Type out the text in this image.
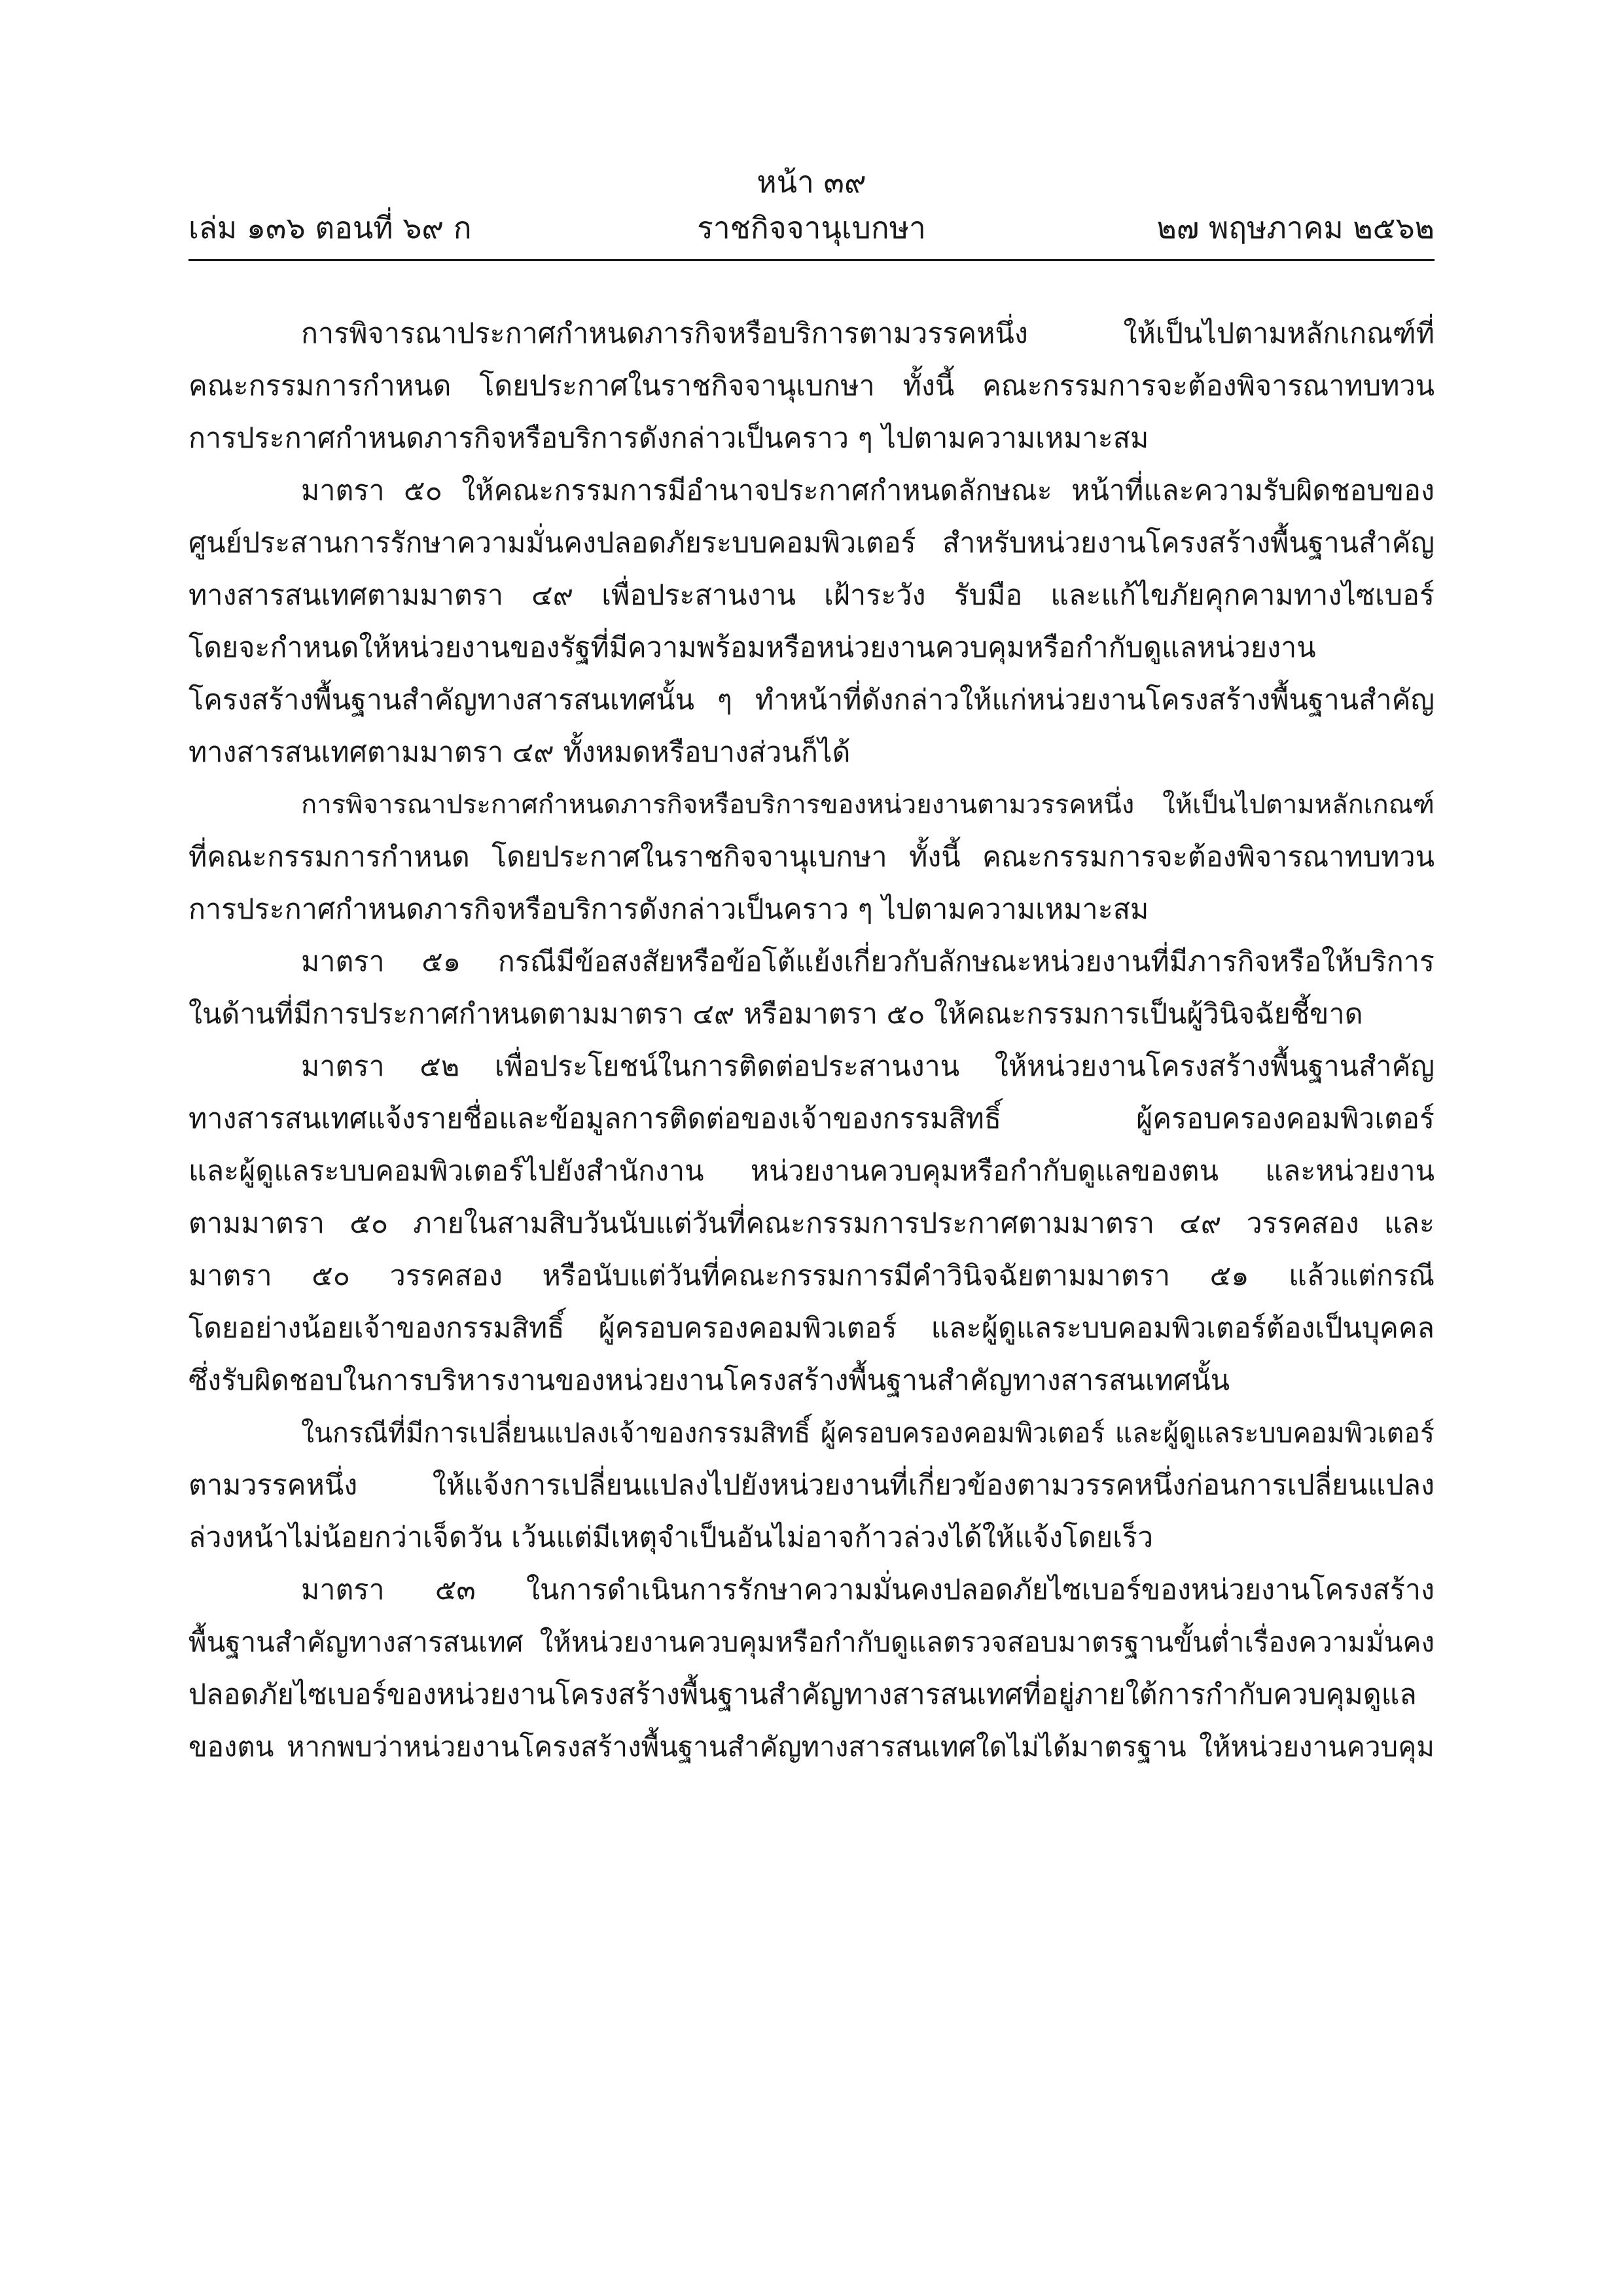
หน้า ๓๙
เล่ม ๑๓๖ ตอนที่ ๖๙ ก	ราชกิจจานุเบกษา	๒๗ พฤษภาคม ๒๕๖๒
การพิจารณาประกาศกำหนดภารกิจหรือบริการตามวรรคหนึ่ง ให้เป็นไปตามหลักเกณฑ์ที่
คณะกรรมการกำหนด โดยประกาศในราชกิจจานุเบกษา ทั้งนี้ คณะกรรมการจะต้องพิจารณาทบทวน
การประกาศกำหนดภารกิจหรือบริการดังกล่าวเป็นคราว ๆ ไปตามความเหมาะสม
มาตรา ๕๐ ให้คณะกรรมการมีอำนาจประกาศกำหนดลักษณะ หน้าที่และความรับผิดชอบของ
ศูนย์ประสานการรักษาความมั่นคงปลอดภัยระบบคอมพิวเตอร์ สำหรับหน่วยงานโครงสร้างพื้นฐานสำคัญ
ทางสารสนเทศตามมาตรา ๔๙ เพื่อประสานงาน เฝ้าระวัง รับมือ และแก้ไขภัยคุกคามทางไซเบอร์
โดยจะกำหนดให้หน่วยงานของรัฐที่มีความพร้อมหรือหน่วยงานควบคุมหรือกำกับดูแลหน่วยงาน
โครงสร้างพื้นฐานสำคัญทางสารสนเทศนั้น ๆ ทำหน้าที่ดังกล่าวให้แก่หน่วยงานโครงสร้างพื้นฐานสำคัญ
ทางสารสนเทศตามมาตรา ๔๙ ทั้งหมดหรือบางส่วนก็ได้
การพิจารณาประกาศกำหนดภารกิจหรือบริการของหน่วยงานตามวรรคหนึ่ง ให้เป็นไปตามหลักเกณฑ์
ที่คณะกรรมการกำหนด โดยประกาศในราชกิจจานุเบกษา ทั้งนี้ คณะกรรมการจะต้องพิจารณาทบทวน
การประกาศกำหนดภารกิจหรือบริการดังกล่าวเป็นคราว ๆ ไปตามความเหมาะสม
มาตรา ๕๑ กรณีมีข้อสงสัยหรือข้อโต้แย้งเกี่ยวกับลักษณะหน่วยงานที่มีภารกิจหรือให้บริการ
ในด้านที่มีการประกาศกำหนดตามมาตรา ๔๙ หรือมาตรา ๕๐ ให้คณะกรรมการเป็นผู้วินิจฉัยชี้ขาด
มาตรา ๕๒ เพื่อประโยชน์ในการติดต่อประสานงาน ให้หน่วยงานโครงสร้างพื้นฐานสำคัญ
ทางสารสนเทศแจ้งรายชื่อและข้อมูลการติดต่อของเจ้าของกรรมสิทธิ์ ผู้ครอบครองคอมพิวเตอร์
และผู้ดูแลระบบคอมพิวเตอร์ไปยังสำนักงาน หน่วยงานควบคุมหรือกำกับดูแลของตน และหน่วยงาน
ตามมาตรา ๕๐ ภายในสามสิบวันนับแต่วันที่คณะกรรมการประกาศตามมาตรา ๔๙ วรรคสอง และ
มาตรา ๕๐ วรรคสอง หรือนับแต่วันที่คณะกรรมการมีคำวินิจฉัยตามมาตรา ๕๑ แล้วแต่กรณี
โดยอย่างน้อยเจ้าของกรรมสิทธิ์ ผู้ครอบครองคอมพิวเตอร์ และผู้ดูแลระบบคอมพิวเตอร์ต้องเป็นบุคคล
ซึ่งรับผิดชอบในการบริหารงานของหน่วยงานโครงสร้างพื้นฐานสำคัญทางสารสนเทศนั้น
ในกรณีที่มีการเปลี่ยนแปลงเจ้าของกรรมสิทธิ์ ผู้ครอบครองคอมพิวเตอร์ และผู้ดูแลระบบคอมพิวเตอร์
ตามวรรคหนึ่ง ให้แจ้งการเปลี่ยนแปลงไปยังหน่วยงานที่เกี่ยวข้องตามวรรคหนึ่งก่อนการเปลี่ยนแปลง
ล่วงหน้าไม่น้อยกว่าเจ็ดวัน เว้นแต่มีเหตุจำเป็นอันไม่อาจก้าวล่วงได้ให้แจ้งโดยเร็ว
มาตรา ๕๓ ในการดำเนินการรักษาความมั่นคงปลอดภัยไซเบอร์ของหน่วยงานโครงสร้าง
พื้นฐานสำคัญทางสารสนเทศ ให้หน่วยงานควบคุมหรือกำกับดูแลตรวจสอบมาตรฐานขั้นต่ำเรื่องความมั่นคง
ปลอดภัยไซเบอร์ของหน่วยงานโครงสร้างพื้นฐานสำคัญทางสารสนเทศที่อยู่ภายใต้การกำกับควบคุมดูแล
ของตน หากพบว่าหน่วยงานโครงสร้างพื้นฐานสำคัญทางสารสนเทศใดไม่ได้มาตรฐาน ให้หน่วยงานควบคุม
